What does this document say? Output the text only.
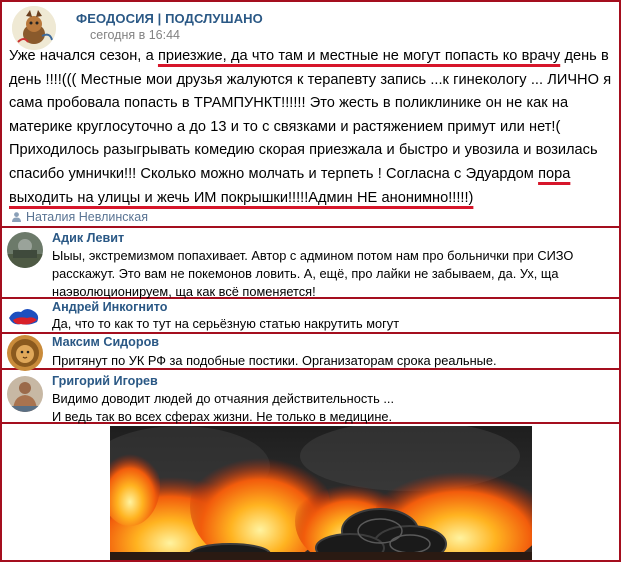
ФЕОДОСИЯ | ПОДСЛУШАНО
сегодня в 16:44
Уже начался сезон, а приезжие, да что там и местные не могут попасть ко врачу день в день !!!!((( Местные мои друзья жалуются к терапевту запись ...к гинекологу ... ЛИЧНО я сама пробовала попасть в ТРАМПУНКТ!!!!!! Это жесть в поликлинике он не как на материке круглосуточно а до 13 и то с связками и растяжением примут или нет!( Приходилось разыгрывать комедию скорая приезжала и быстро и увозила и возилась спасибо умнички!!! Сколько можно молчать и терпеть ! Согласна с Эдуардом пора выходить на улицы и жечь ИМ покрышки!!!!!Админ НЕ анонимно!!!!!)
Наталия Невлинская
Адик Левит
Ыыы, экстремизмом попахивает. Автор с админом потом нам про больнички при СИЗО расскажут. Это вам не покемонов ловить. А, ещё, про лайки не забываем, да. Ух, ща наэволюционируем, ща как всё поменяется!
Андрей Инкогнито
Да, что то как то тут на серьёзную статью накрутить могут
Максим Сидоров
Притянут по УК РФ за подобные постики. Организаторам срока реальные.
Григорий Игорев
Видимо доводит людей до отчаяния действительность ...
И ведь так во всех сферах жизни. Не только в медицине.
